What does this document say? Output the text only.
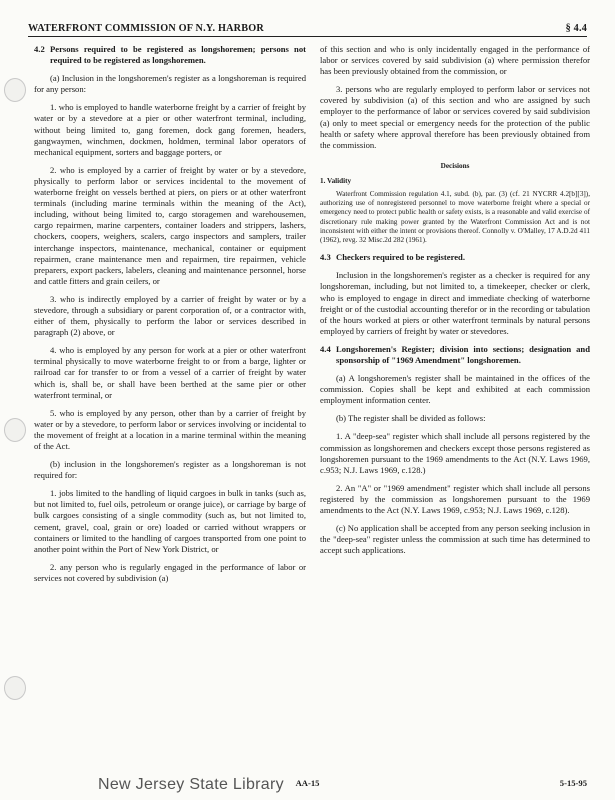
WATERFRONT COMMISSION OF N.Y. HARBOR	§ 4.4

4.2 Persons required to be registered as longshoremen; persons not required to be registered as longshoremen.

(a) Inclusion in the longshoremen's register as a longshoreman is required for any person:

1. who is employed to handle waterborne freight by a carrier of freight by water or by a stevedore at a pier or other waterfront terminal, including, without being limited to, gang foremen, dock gang foremen, headers, gangwaymen, winchmen, dockmen, holdmen, terminal labor operators of mechanical equipment, sorters and baggage porters, or

2. who is employed by a carrier of freight by water or by a stevedore, physically to perform labor or services incidental to the movement of waterborne freight on vessels berthed at piers, on piers or at other waterfront terminals (including marine terminals within the meaning of the Act), including, without being limited to, cargo storagemen and warehousemen, cargo repairmen, marine carpenters, container loaders and strippers, lashers, chockers, coopers, weighers, scalers, cargo inspectors and samplers, trailer interchange inspectors, maintenance, mechanical, container or equipment repairmen, crane maintenance men and repairmen, tire repairmen, vehicle preparers, export packers, labelers, cleaning and maintenance personnel, horse and cattle fitters and grain ceilers, or

3. who is indirectly employed by a carrier of freight by water or by a stevedore, through a subsidiary or parent corporation of, or a contractor with, either of them, physically to perform the labor or services described in paragraph (2) above, or

4. who is employed by any person for work at a pier or other waterfront terminal physically to move waterborne freight to or from a barge, lighter or railroad car for transfer to or from a vessel of a carrier of freight by water which is, shall be, or shall have been berthed at the same pier or other waterfront terminal, or

5. who is employed by any person, other than by a carrier of freight by water or by a stevedore, to perform labor or services involving or incidental to the movement of freight at a location in a marine terminal within the meaning of the Act.

(b) inclusion in the longshoremen's register as a longshoreman is not required for:

1. jobs limited to the handling of liquid cargoes in bulk in tanks (such as, but not limited to, fuel oils, petroleum or orange juice), or carriage by barge of bulk cargoes consisting of a single commodity (such as, but not limited to, cement, gravel, coal, grain or ore) loaded or carried without wrappers or containers or limited to the handling of cargoes transported from one point to another point within the Port of New York District, or

2. any person who is regularly engaged in the performance of labor or services not covered by subdivision (a)

of this section and who is only incidentally engaged in the performance of labor or services covered by said subdivision (a) where permission therefor has been previously obtained from the commission, or

3. persons who are regularly employed to perform labor or services not covered by subdivision (a) of this section and who are assigned by such employer to the performance of labor or services covered by said subdivision (a) only to meet special or emergency needs for the protection of the public health or safety where approval therefore has been previously obtained from the commission.

Decisions
1. Validity

Waterfront Commission regulation 4.1, subd. (b), par. (3) (cf. 21 NYCRR 4.2[b][3]), authorizing use of nonregistered personnel to move waterborne freight where a special or emergency need to protect public health or safety exists, is a reasonable and valid exercise of discretionary rule making power granted by the Waterfront Commission Act and is not inconsistent with either the intent or provisions thereof. Connolly v. O'Malley, 17 A.D.2d 411 (1962), revg. 32 Misc.2d 282 (1961).

4.3 Checkers required to be registered.

Inclusion in the longshoremen's register as a checker is required for any longshoreman, including, but not limited to, a timekeeper, checker or clerk, who is employed to engage in direct and immediate checking of waterborne freight or of the custodial accounting therefor or in the recording or tabulation of the hours worked at piers or other waterfront terminals by natural persons employed by carriers of freight by water or stevedores.

4.4 Longshoremen's Register; division into sections; designation and sponsorship of "1969 Amendment" longshoremen.

(a) A longshoremen's register shall be maintained in the offices of the commission. Copies shall be kept and exhibited at each commission employment information center.

(b) The register shall be divided as follows:

1. A "deep-sea" register which shall include all persons registered by the commission as longshoremen and checkers except those persons registered as longshoremen pursuant to the 1969 amendments to the Act (N.Y. Laws 1969, c.953; N.J. Laws 1969, c.128.)

2. An "A" or "1969 amendment" register which shall include all persons registered by the commission as longshoremen pursuant to the 1969 amendments to the Act (N.Y. Laws 1969, c.953; N.J. Laws 1969, c.128).

(c) No application shall be accepted from any person seeking inclusion in the "deep-sea" register unless the commission at such time has determined to accept such applications.

New Jersey State Library	AA-15	5-15-95
